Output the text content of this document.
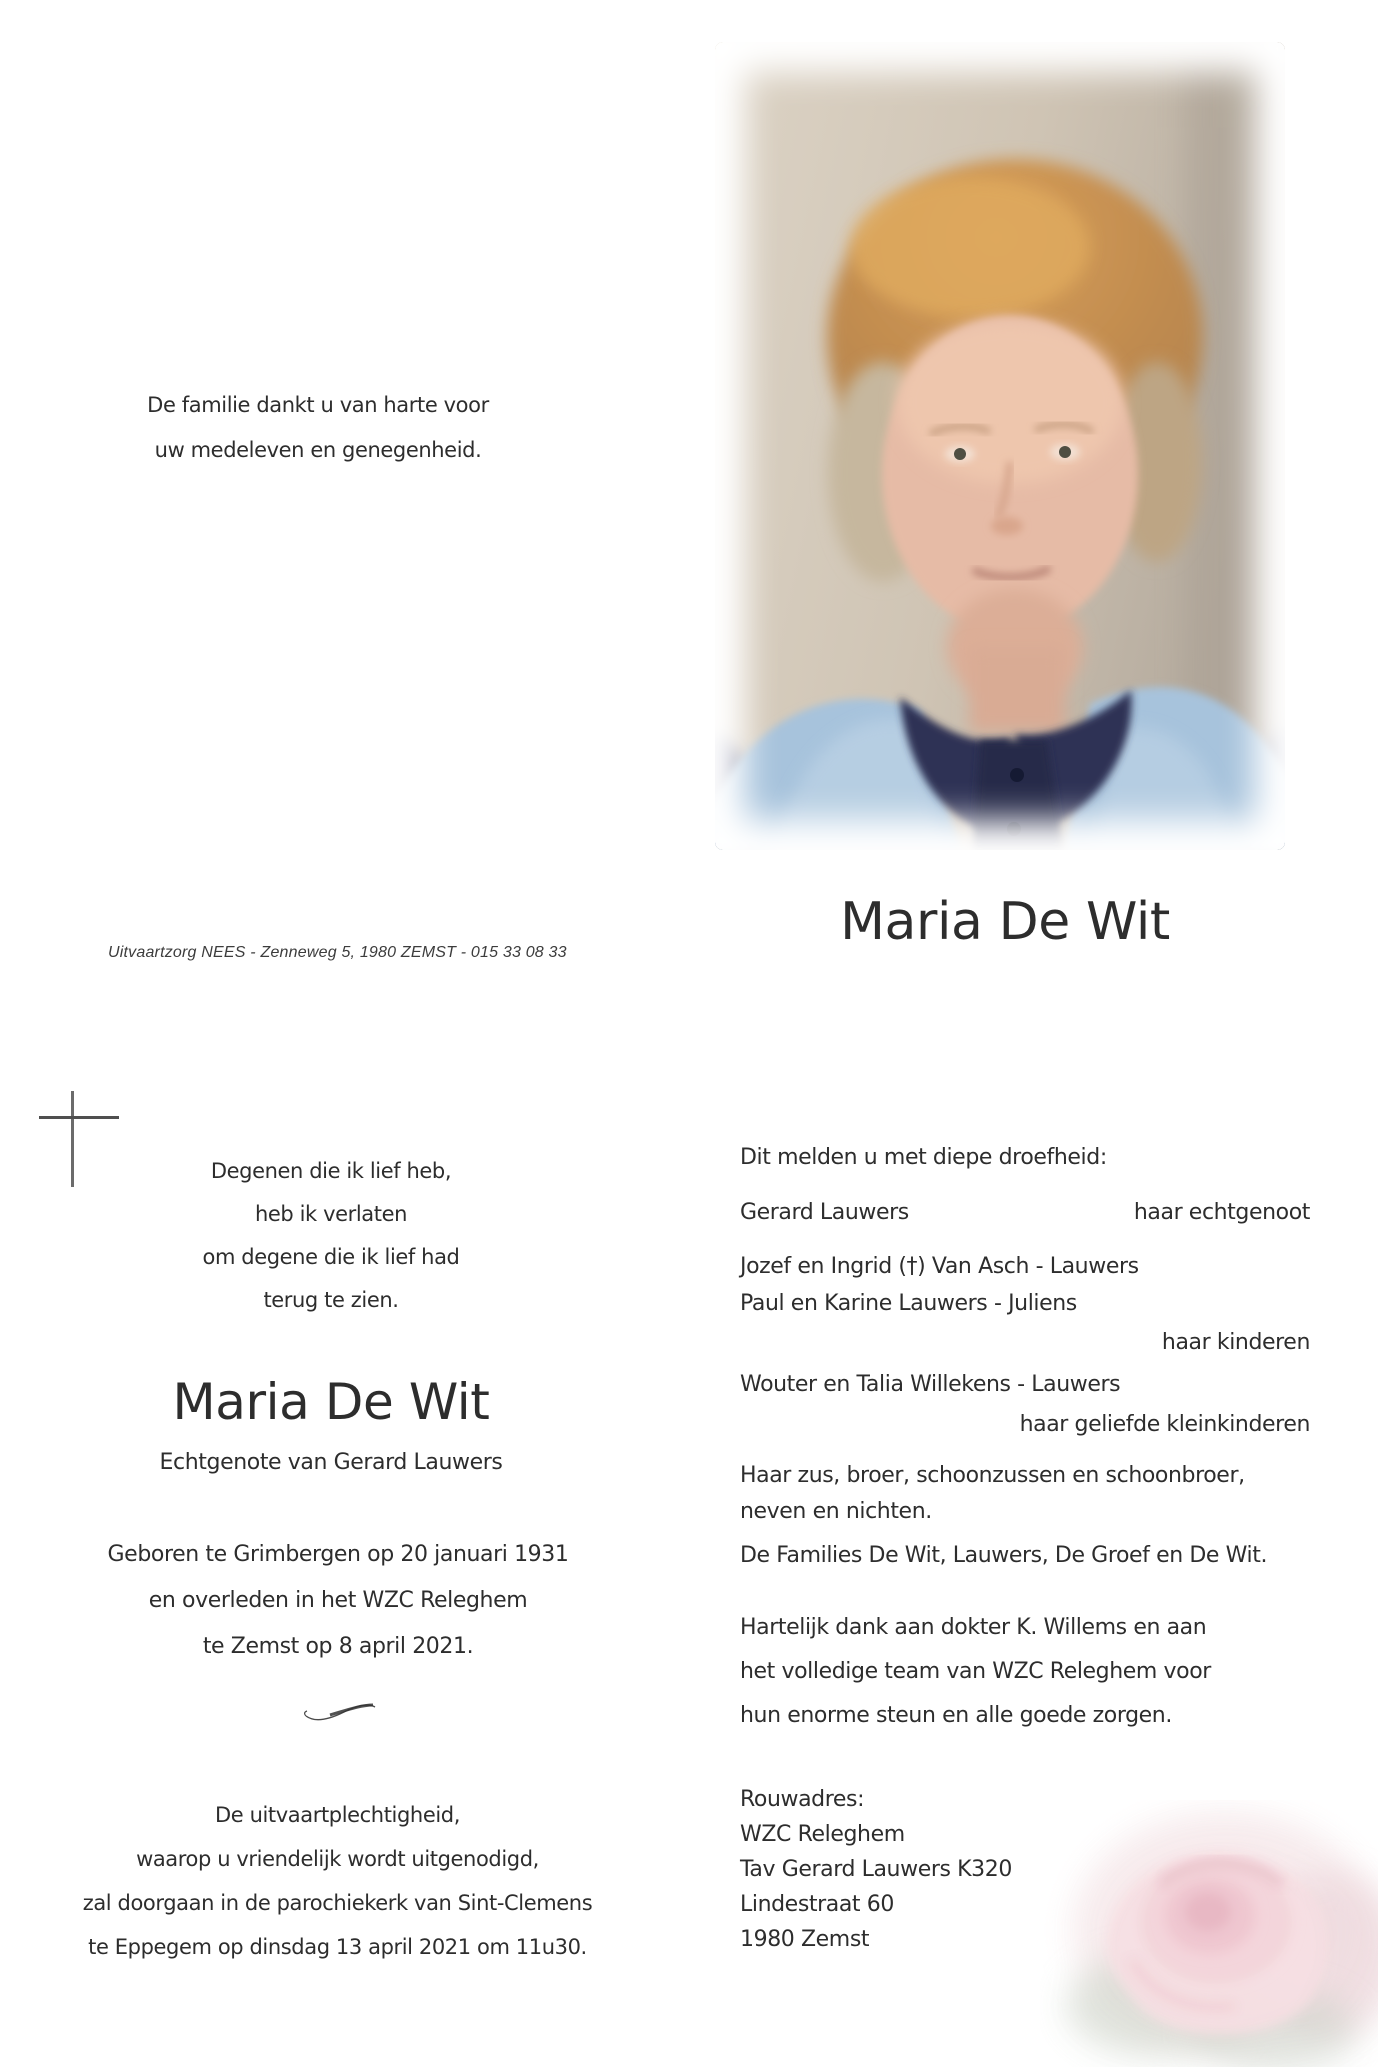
De familie dankt u van harte voor
uw medeleven en genegenheid.
Uitvaartzorg NEES - Zenneweg 5, 1980 ZEMST - 015 33 08 33
Maria De Wit
Degenen die ik lief heb,
heb ik verlaten
om degene die ik lief had
terug te zien.
Maria De Wit
Echtgenote van Gerard Lauwers
Geboren te Grimbergen op 20 januari 1931
en overleden in het WZC Releghem
te Zemst op 8 april 2021.
De uitvaartplechtigheid,
waarop u vriendelijk wordt uitgenodigd,
zal doorgaan in de parochiekerk van Sint-Clemens
te Eppegem op dinsdag 13 april 2021 om 11u30.
Dit melden u met diepe droefheid:
Gerard Lauwers	haar echtgenoot
Jozef en Ingrid (†) Van Asch - Lauwers
Paul en Karine Lauwers - Juliens
haar kinderen
Wouter en Talia Willekens - Lauwers
haar geliefde kleinkinderen
Haar zus, broer, schoonzussen en schoonbroer,
neven en nichten.
De Families De Wit, Lauwers, De Groef en De Wit.
Hartelijk dank aan dokter K. Willems en aan
het volledige team van WZC Releghem voor
hun enorme steun en alle goede zorgen.
Rouwadres:
WZC Releghem
Tav Gerard Lauwers K320
Lindestraat 60
1980 Zemst
